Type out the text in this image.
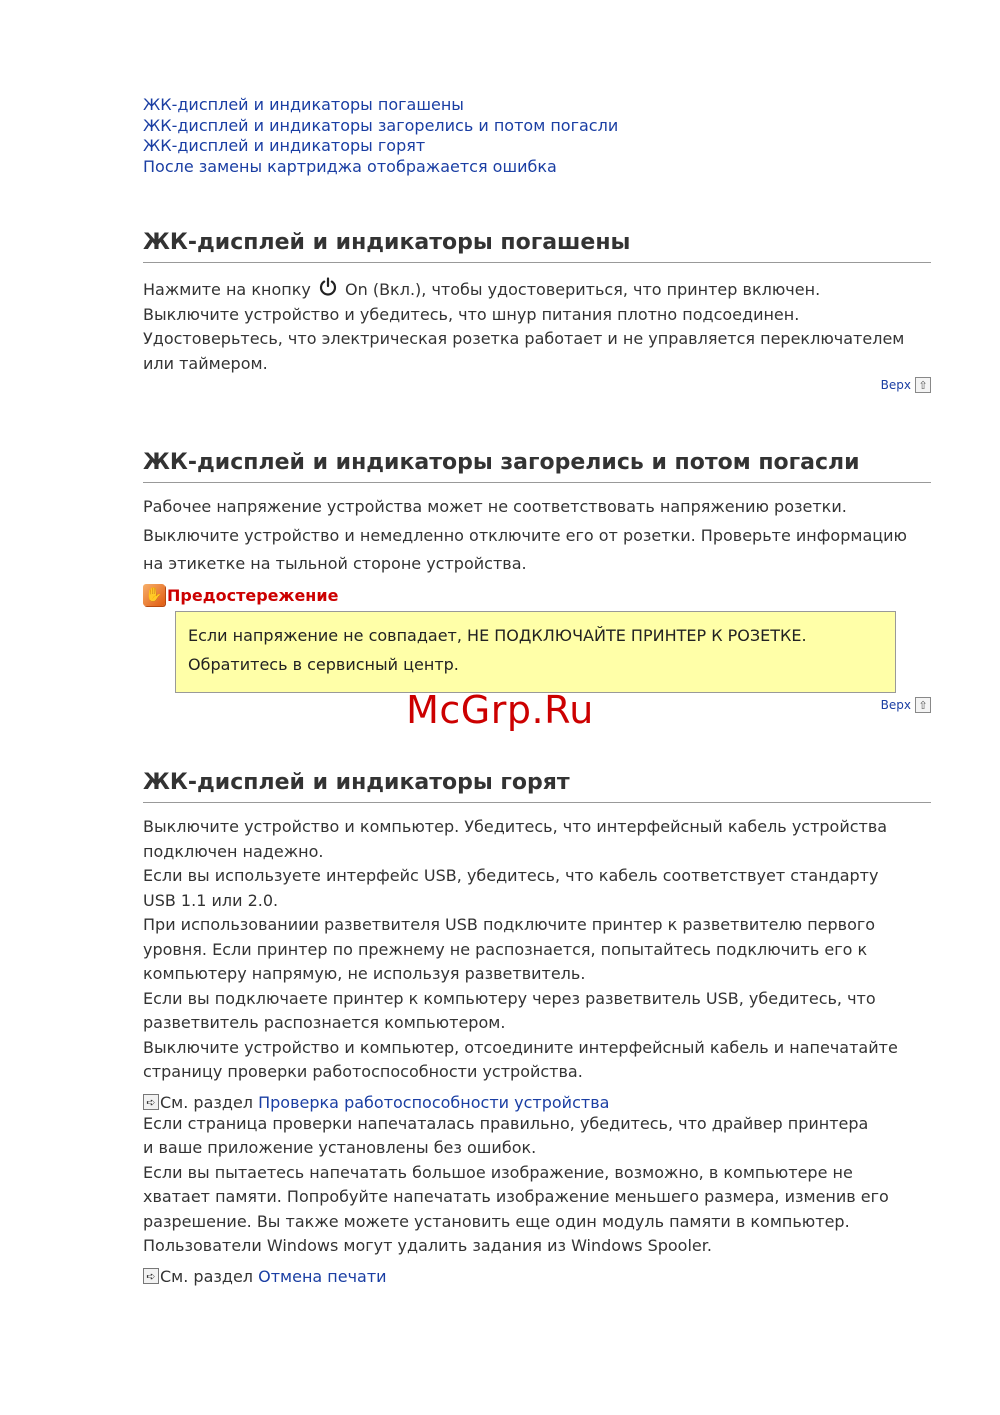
ЖК-дисплей и индикаторы погашены
ЖК-дисплей и индикаторы загорелись и потом погасли
ЖК-дисплей и индикаторы горят
После замены картриджа отображается ошибка
ЖК-дисплей и индикаторы погашены
Нажмите на кнопку  On (Вкл.), чтобы удостовериться, что принтер включен.
Выключите устройство и убедитесь, что шнур питания плотно подсоединен.
Удостоверьтесь, что электрическая розетка работает и не управляется переключателем
или таймером.
Верх ⇧
ЖК-дисплей и индикаторы загорелись и потом погасли
Рабочее напряжение устройства может не соответствовать напряжению розетки.
Выключите устройство и немедленно отключите его от розетки. Проверьте информацию
на этикетке на тыльной стороне устройства.
✋ Предостережение
Если напряжение не совпадает, НЕ ПОДКЛЮЧАЙТЕ ПРИНТЕР К РОЗЕТКЕ.
Обратитесь в сервисный центр.
Верх ⇧
ЖК-дисплей и индикаторы горят
Выключите устройство и компьютер. Убедитесь, что интерфейсный кабель устройства
подключен надежно.
Если вы используете интерфейс USB, убедитесь, что кабель соответствует стандарту
USB 1.1 или 2.0.
При использованиии разветвителя USB подключите принтер к разветвителю первого
уровня. Если принтер по прежнему не распознается, попытайтесь подключить его к
компьютеру напрямую, не используя разветвитель.
Если вы подключаете принтер к компьютеру через разветвитель USB, убедитесь, что
разветвитель распознается компьютером.
Выключите устройство и компьютер, отсоедините интерфейсный кабель и напечатайте
страницу проверки работоспособности устройства.
➪ См. раздел
Проверка работоспособности устройства
Если страница проверки напечаталась правильно, убедитесь, что драйвер принтера
и ваше приложение установлены без ошибок.
Если вы пытаетесь напечатать большое изображение, возможно, в компьютере не
хватает памяти. Попробуйте напечатать изображение меньшего размера, изменив его
разрешение. Вы также можете установить еще один модуль памяти в компьютер.
Пользователи Windows могут удалить задания из Windows Spooler.
➪ См. раздел
Отмена печати
McGrp.Ru
